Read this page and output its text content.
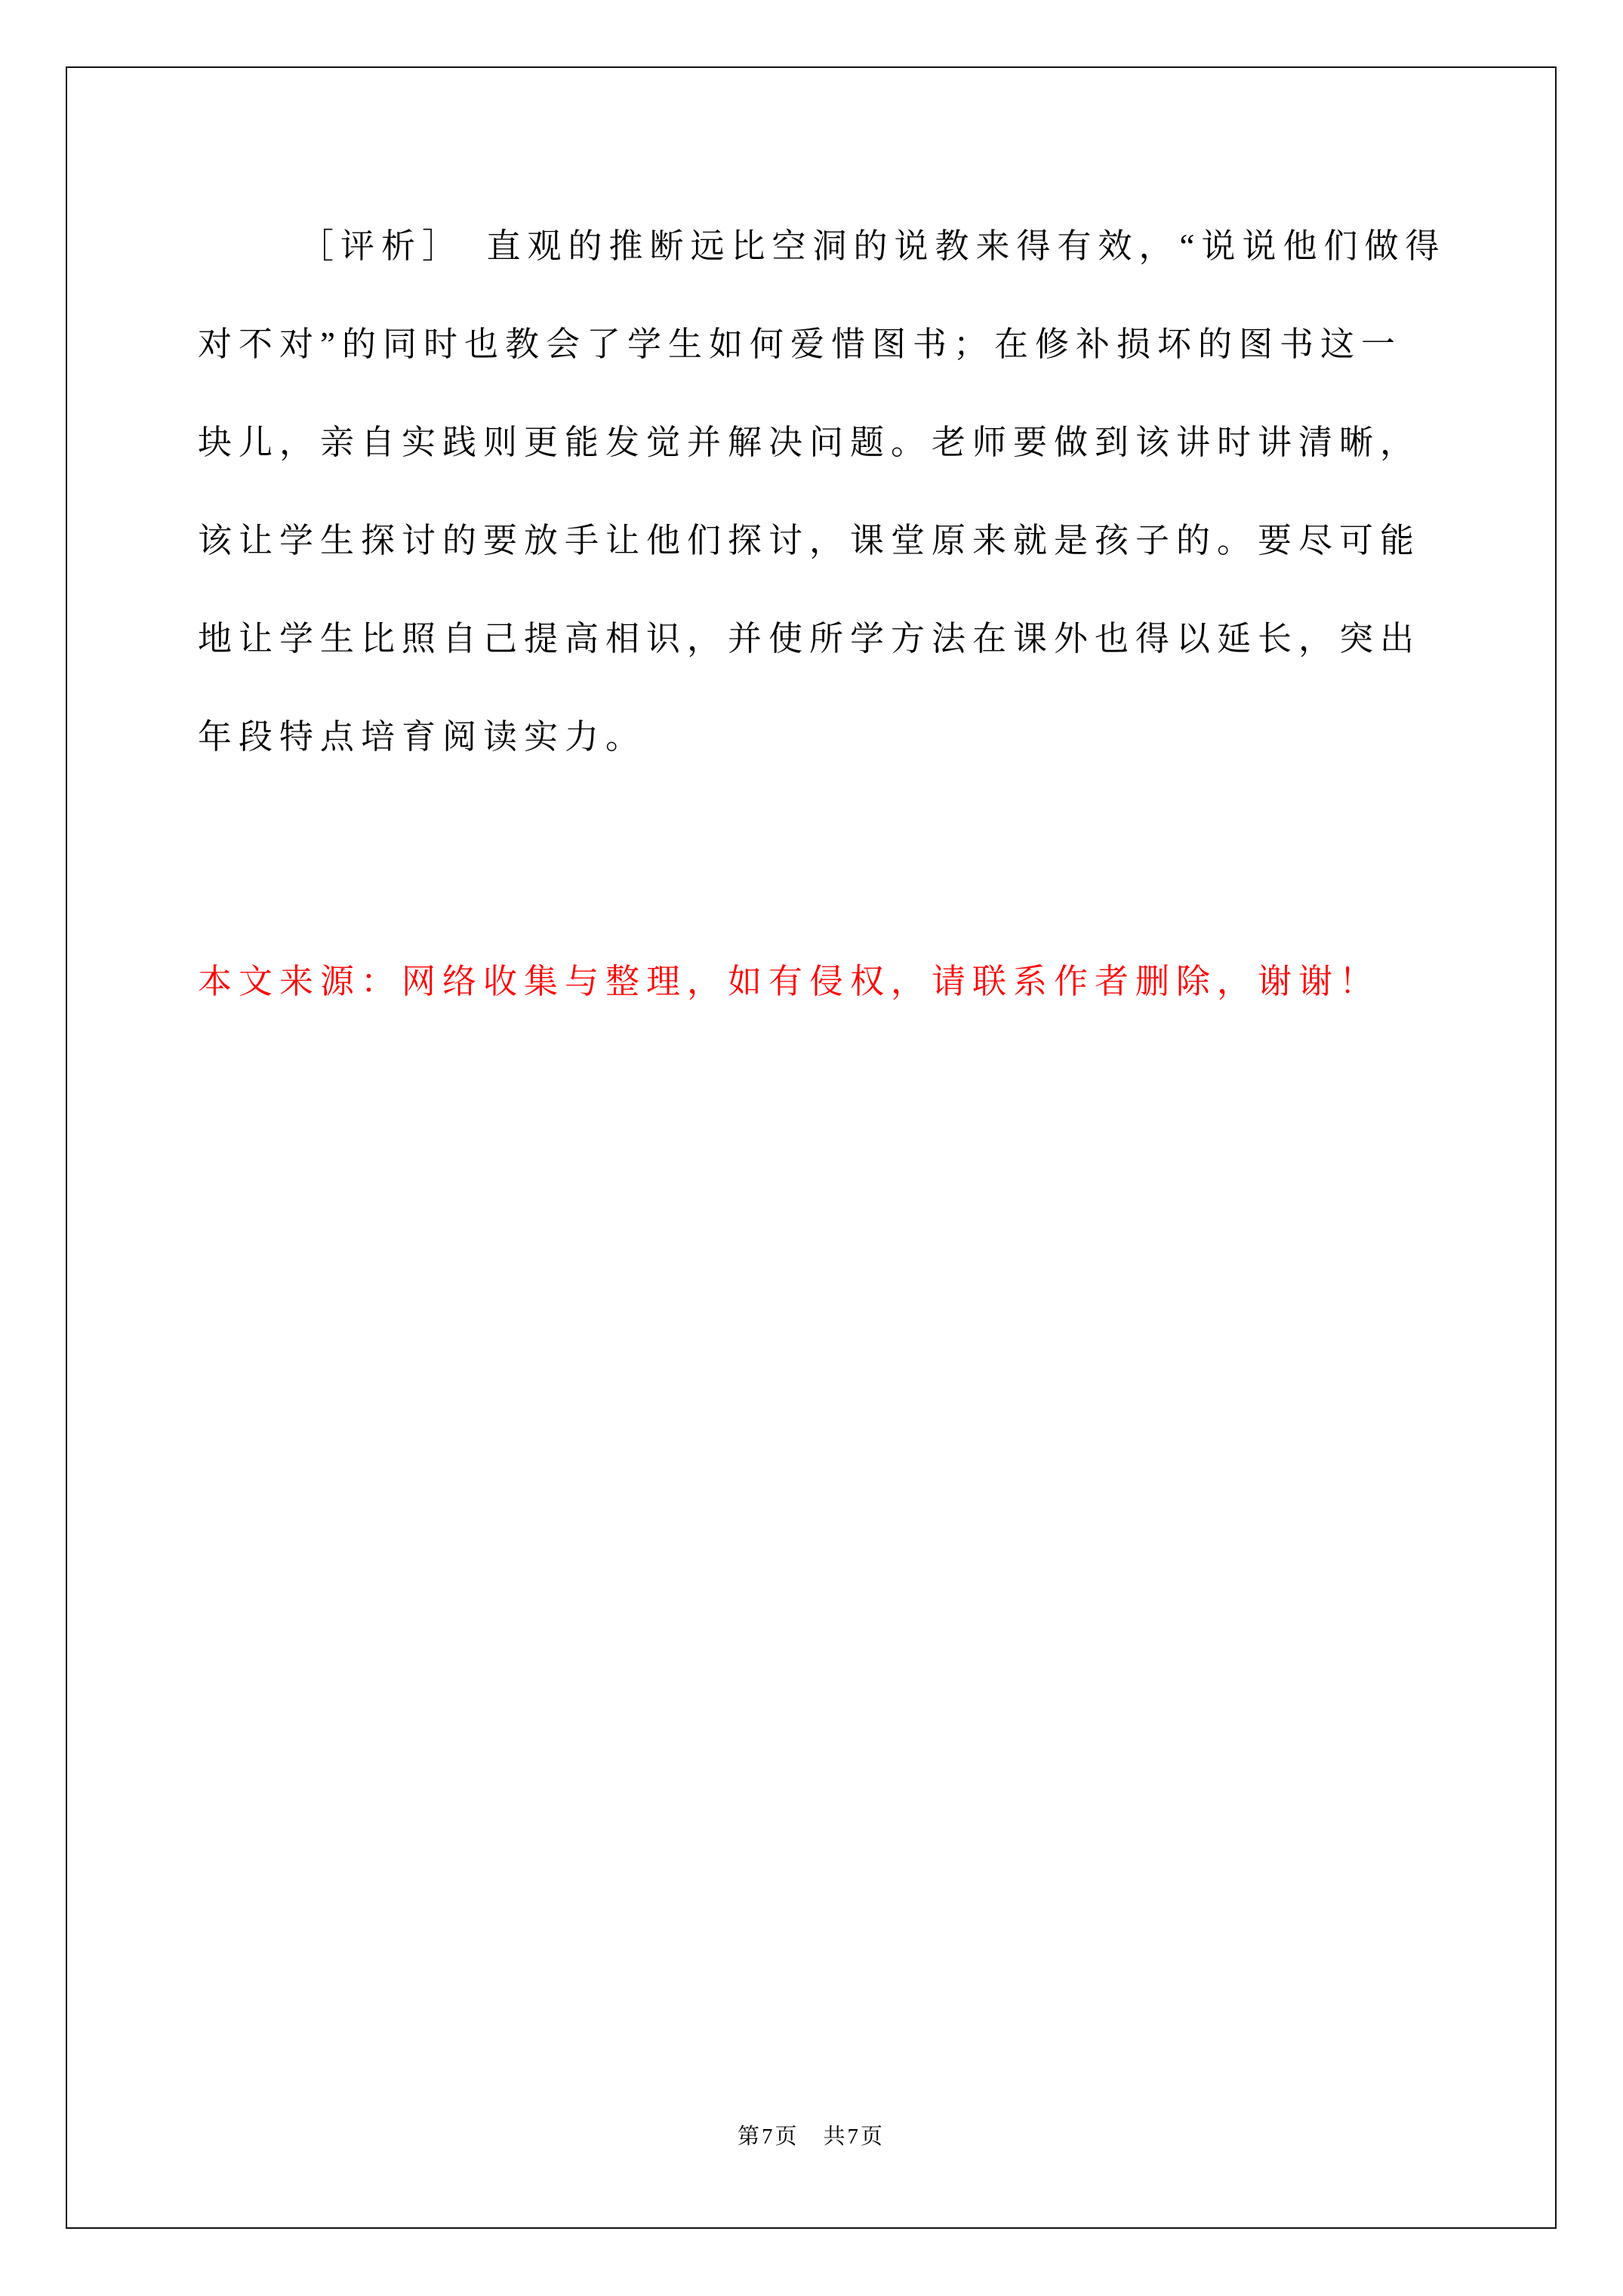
［评析］　直观的推断远比空洞的说教来得有效，“说说他们做得
对不对”的同时也教会了学生如何爱惜图书；在修补损坏的图书这一
块儿，亲自实践则更能发觉并解决问题。老师要做到该讲时讲清晰，
该让学生探讨的要放手让他们探讨，课堂原来就是孩子的。要尽可能
地让学生比照自己提高相识，并使所学方法在课外也得以延长，突出
年段特点培育阅读实力。
本文来源：网络收集与整理，如有侵权，请联系作者删除，谢谢！
第7页　共7页
